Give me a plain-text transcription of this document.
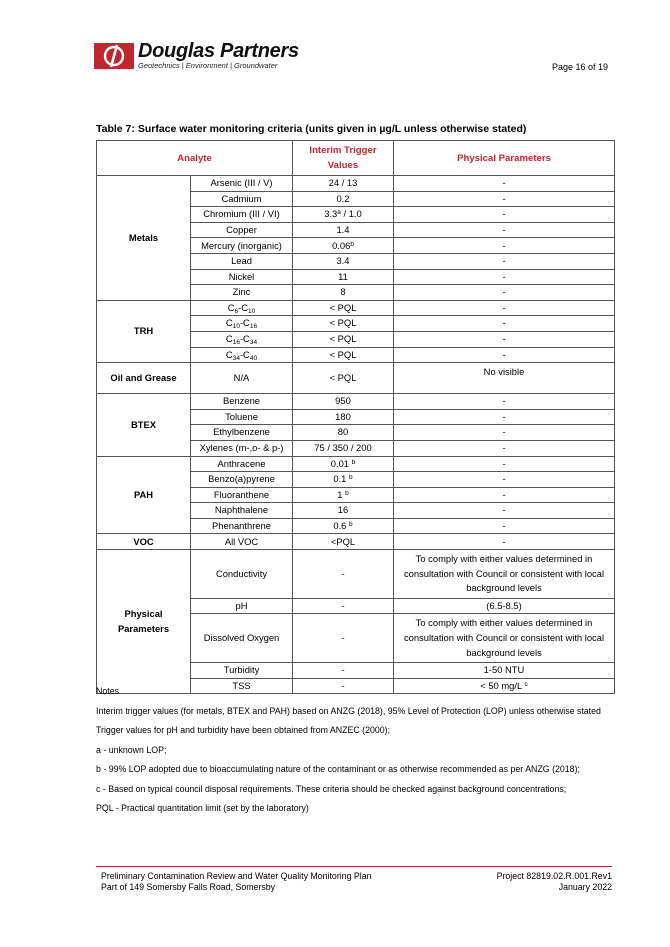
Douglas Partners
Geotechnics | Environment | Groundwater	Page 16 of 19
Table 7: Surface water monitoring criteria (units given in µg/L unless otherwise stated)
Analyte		Interim Trigger
Values	Physical Parameters
Metals	Arsenic (III / V)	24 / 13	-
	Cadmium	0.2	-
	Chromium (III / VI)	3.3$^a$ / 1.0	-
	Copper	1.4	-
	Mercury (inorganic)	0.06$^b$	-
	Lead	3.4	-
	Nickel	11	-
	Zinc	8	-
TRH	$C_6-C_{10}$	< PQL	-
	$C_{10}-C_{16}$	< PQL	-
	$C_{16}-C_{34}$	< PQL	-
	$C_{34}-C_{40}$	< PQL	-
Oil and Grease	N/A	< PQL	No visible
BTEX	Benzene	950	-
	Toluene	180	-
	Ethylbenzene	80	-
	Xylenes (m-,o- & p-)	75 / 350 / 200	-
PAH	Anthracene	0.01 $^b$	-
	Benzo(a)pyrene	0.1 $^b$	-
	Fluoranthene	1 $^b$	-
	Naphthalene	16	-
	Phenanthrene	0.6 $^b$	-
VOC	All VOC	<PQL	-
Physical
Parameters	Conductivity	-	To comply with either values determined in consultation with Council or consistent with local background levels
	pH	-	(6.5-8.5)
	Dissolved Oxygen	-	To comply with either values determined in consultation with Council or consistent with local background levels
	Turbidity	-	1-50 NTU
	TSS	-	< 50 mg/L $^c$

Notes

Interim trigger values (for metals, BTEX and PAH) based on ANZG (2018), 95% Level of Protection (LOP) unless otherwise stated

Trigger values for pH and turbidity have been obtained from ANZEC (2000);

a - unknown LOP;

b - 99% LOP adopted due to bioaccumulating nature of the contaminant or as otherwise recommended as per ANZG (2018);

c - Based on typical council disposal requirements. These criteria should be checked against background concentrations;

PQL - Practical quantitation limit (set by the laboratory)

Preliminary Contamination Review and Water Quality Monitoring Plan
Part of 149 Somersby Falls Road, Somersby
Project 82819.02.R.001.Rev1
January 2022
